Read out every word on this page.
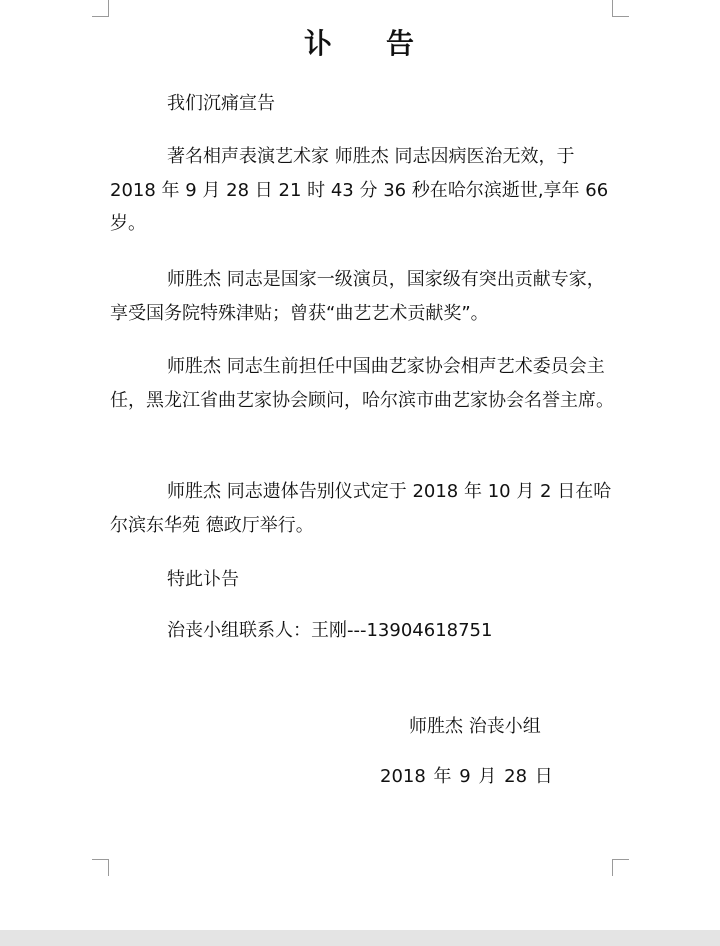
讣 告
我们沉痛宣告
著名相声表演艺术家 师胜杰 同志因病医治无效，于 2018 年 9 月 28 日 21 时 43 分 36 秒在哈尔滨逝世,享年 66 岁。
师胜杰 同志是国家一级演员，国家级有突出贡献专家，享受国务院特殊津贴；曾获“曲艺艺术贡献奖”。
师胜杰 同志生前担任中国曲艺家协会相声艺术委员会主任，黑龙江省曲艺家协会顾问，哈尔滨市曲艺家协会名誉主席。
师胜杰 同志遗体告别仪式定于 2018 年 10 月 2 日在哈尔滨东华苑 德政厅举行。
特此讣告
治丧小组联系人：王刚---13904618751
师胜杰 治丧小组
2018 年 9 月 28 日
